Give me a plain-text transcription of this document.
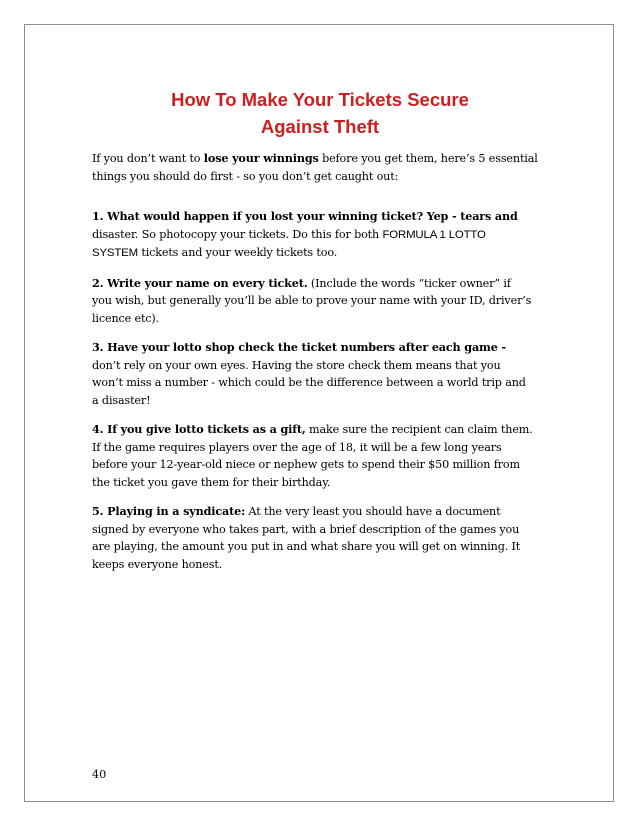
How To Make Your Tickets Secure
Against Theft

If you don’t want to lose your winnings before you get them, here’s 5 essential
things you should do first - so you don’t get caught out:

1. What would happen if you lost your winning ticket? Yep - tears and
disaster. So photocopy your tickets. Do this for both FORMULA 1 LOTTO
SYSTEM tickets and your weekly tickets too.

2. Write your name on every ticket. (Include the words “ticker owner” if
you wish, but generally you’ll be able to prove your name with your ID, driver’s
licence etc).

3. Have your lotto shop check the ticket numbers after each game -
don’t rely on your own eyes. Having the store check them means that you
won’t miss a number - which could be the difference between a world trip and
a disaster!

4. If you give lotto tickets as a gift, make sure the recipient can claim them.
If the game requires players over the age of 18, it will be a few long years
before your 12-year-old niece or nephew gets to spend their $50 million from
the ticket you gave them for their birthday.

5. Playing in a syndicate: At the very least you should have a document
signed by everyone who takes part, with a brief description of the games you
are playing, the amount you put in and what share you will get on winning. It
keeps everyone honest.

40
